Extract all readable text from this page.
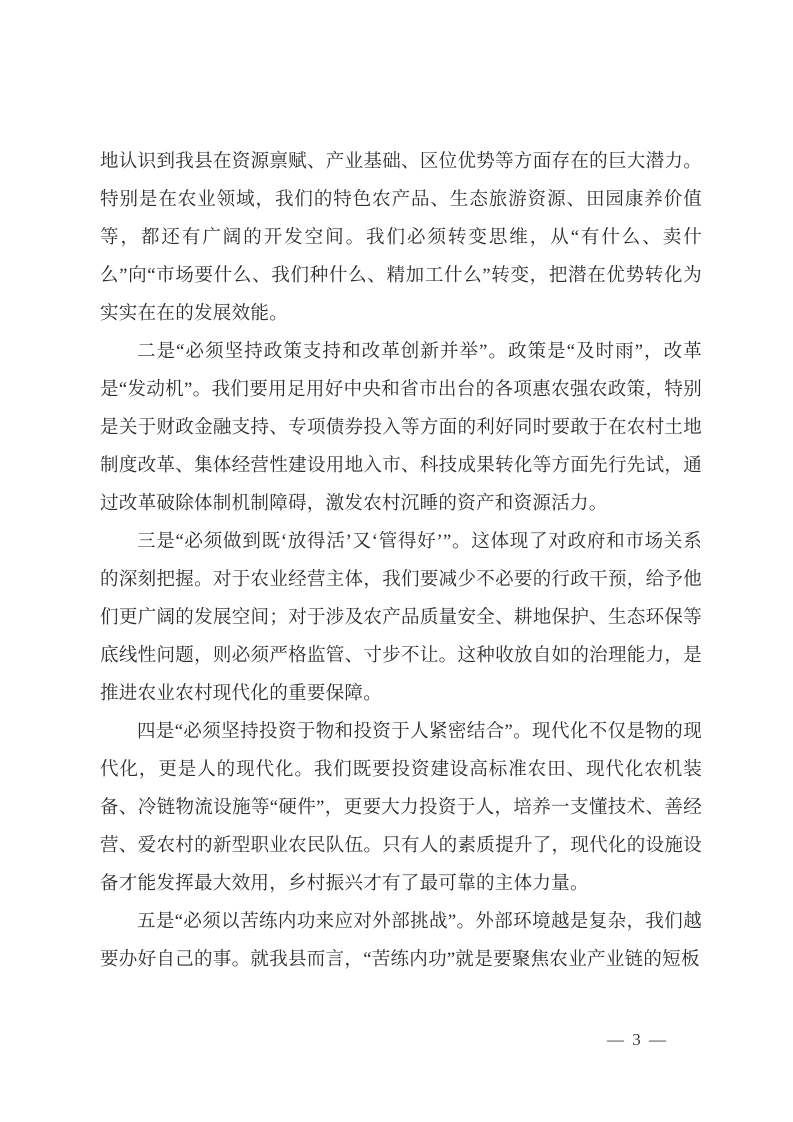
地认识到我县在资源禀赋、产业基础、区位优势等方面存在的巨大潜力。特别是在农业领域，我们的特色农产品、生态旅游资源、田园康养价值等，都还有广阔的开发空间。我们必须转变思维，从“有什么、卖什么”向“市场要什么、我们种什么、精加工什么”转变，把潜在优势转化为实实在在的发展效能。

二是“必须坚持政策支持和改革创新并举”。政策是“及时雨”，改革是“发动机”。我们要用足用好中央和省市出台的各项惠农强农政策，特别是关于财政金融支持、专项债券投入等方面的利好同时要敢于在农村土地制度改革、集体经营性建设用地入市、科技成果转化等方面先行先试，通过改革破除体制机制障碍，激发农村沉睡的资产和资源活力。

三是“必须做到既‘放得活’又‘管得好’”。这体现了对政府和市场关系的深刻把握。对于农业经营主体，我们要减少不必要的行政干预，给予他们更广阔的发展空间；对于涉及农产品质量安全、耕地保护、生态环保等底线性问题，则必须严格监管、寸步不让。这种收放自如的治理能力，是推进农业农村现代化的重要保障。

四是“必须坚持投资于物和投资于人紧密结合”。现代化不仅是物的现代化，更是人的现代化。我们既要投资建设高标准农田、现代化农机装备、冷链物流设施等“硬件”，更要大力投资于人，培养一支懂技术、善经营、爱农村的新型职业农民队伍。只有人的素质提升了，现代化的设施设备才能发挥最大效用，乡村振兴才有了最可靠的主体力量。

五是“必须以苦练内功来应对外部挑战”。外部环境越是复杂，我们越要办好自己的事。就我县而言，“苦练内功”就是要聚焦农业产业链的短板

— 3 —
